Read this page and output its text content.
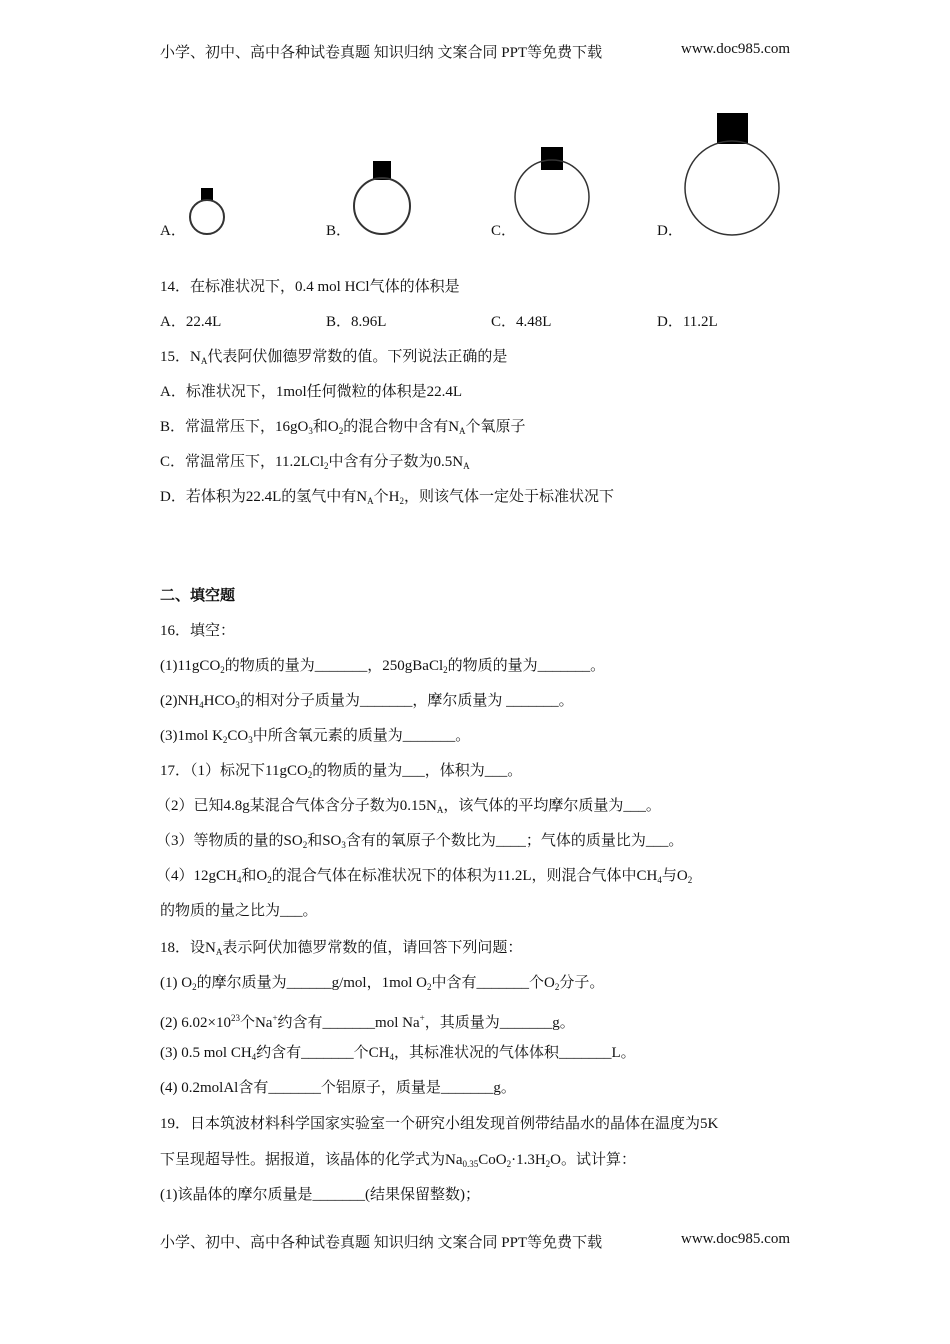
小学、初中、高中各种试卷真题 知识归纳 文案合同 PPT等免费下载	www.doc985.com
A．	B．	C．	D．
14．在标准状况下，0.4 mol HCl气体的体积是
A．22.4L	B．8.96L	C．4.48L	D．11.2L
15．$N_A$代表阿伏伽德罗常数的值。下列说法正确的是
A．标准状况下，1mol任何微粒的体积是22.4L
B．常温常压下，$16gO_3$和$O_2$的混合物中含有$N_A$个氧原子
C．常温常压下，11.2LCl$_2$中含有分子数为$0.5N_A$
D．若体积为22.4L的氢气中有$N_A$个$H_2$，则该气体一定处于标准状况下
二、填空题
16．填空：
(1)11gCO$_2$的物质的量为_______，250gBaCl$_2$的物质的量为_______。
$(2)NH_4HCO_3$的相对分子质量为_______，摩尔质量为 _______。
(3)1mol $K_2CO_3$中所含氧元素的质量为_______。
17．（1）标况下11gCO$_2$的物质的量为___，体积为___。
（2）已知4.8g某混合气体含分子数为$0.15N_A$，该气体的平均摩尔质量为___。
（3）等物质的量的$SO_2$和$SO_3$含有的氧原子个数比为____；气体的质量比为___。
（4）12gCH$_4$和$O_2$的混合气体在标准状况下的体积为11.2L，则混合气体中$CH_4$与$O_2$
的物质的量之比为___。
18．设$N_A$表示阿伏加德罗常数的值，请回答下列问题：
(1) $O_2$的摩尔质量为______g/mol，1mol $O_2$中含有_______个$O_2$分子。
(2) $6.02\times 10^{23}$个Na+约含有_______mol Na+，其质量为_______g。
(3) 0.5 mol $CH_4$约含有_______个$CH_4$，其标准状况的气体体积_______L。
(4) 0.2molAl含有_______个铝原子，质量是_______g。
19．日本筑波材料科学国家实验室一个研究小组发现首例带结晶水的晶体在温度为5K
下呈现超导性。据报道，该晶体的化学式为$Na_{0.35}CoO_2\cdot 1.3H_2O$。试计算：
(1)该晶体的摩尔质量是_______(结果保留整数)；
小学、初中、高中各种试卷真题 知识归纳 文案合同 PPT等免费下载	www.doc985.com
